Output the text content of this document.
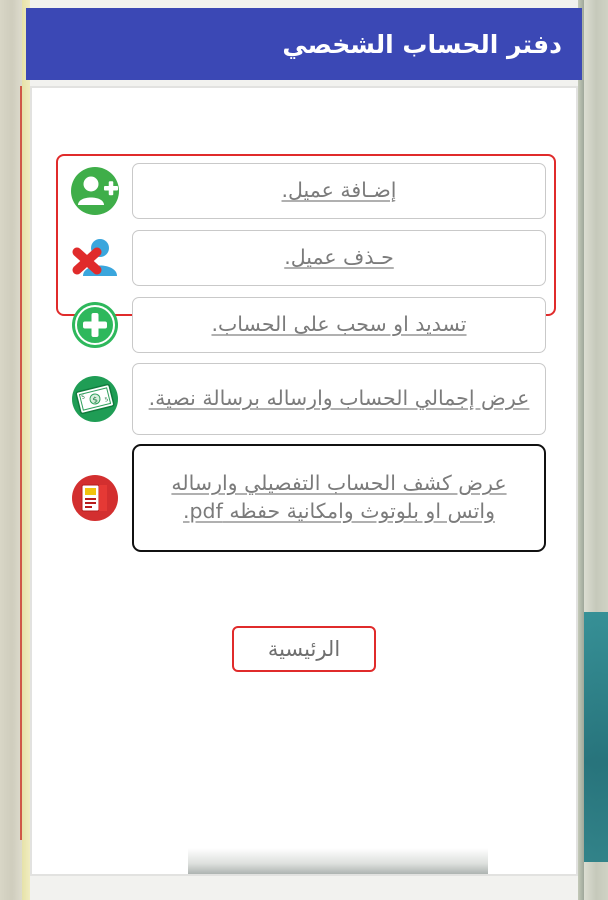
دفتر الحساب الشخصي
إضـافة عميل.
حـذف عميل.
تسديد او سحب على الحساب.
عرض إجمالي الحساب وارساله برسالة نصية.
$
5	5
عرض كشف الحساب التفصيلي وارساله واتس او بلوتوث وامكانية حفظه pdf.
الرئيسية
